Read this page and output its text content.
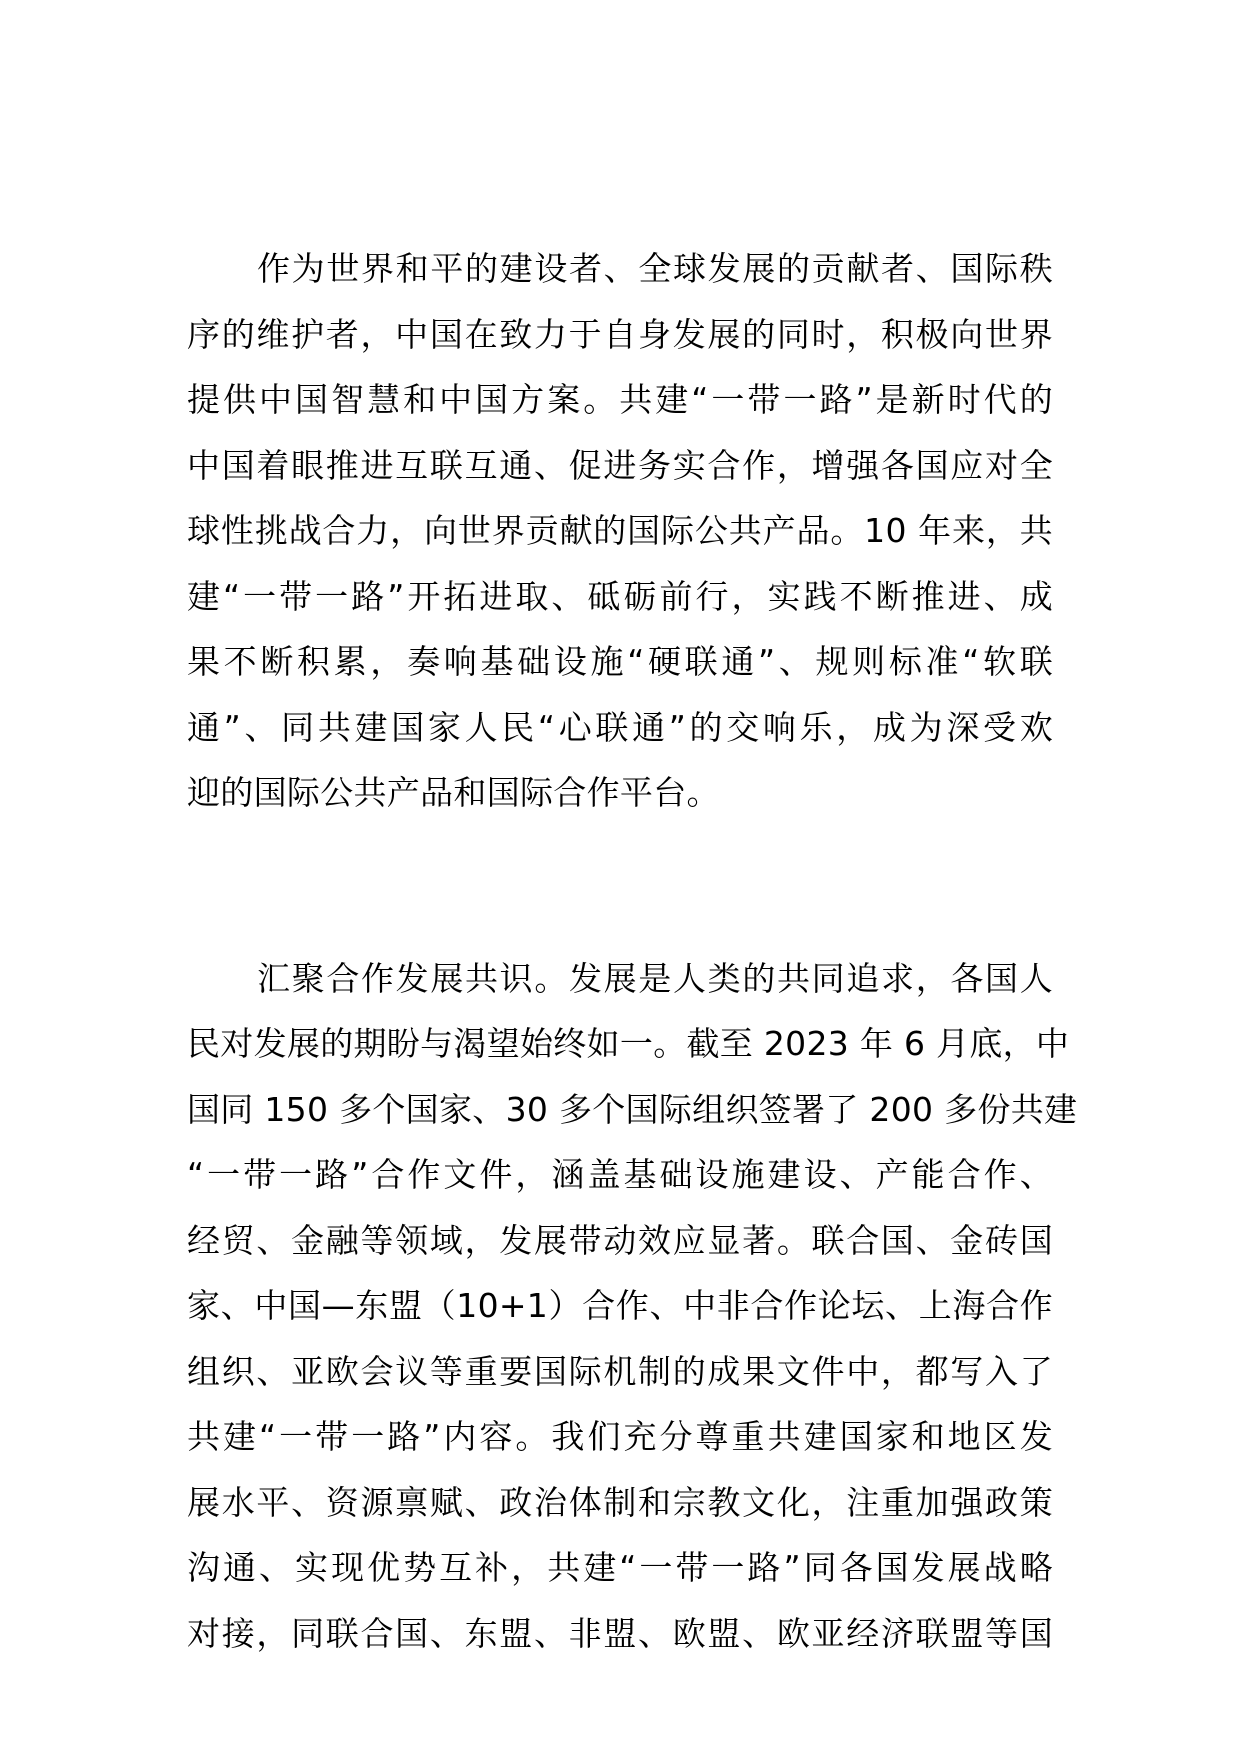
作为世界和平的建设者、全球发展的贡献者、国际秩
序的维护者，中国在致力于自身发展的同时，积极向世界
提供中国智慧和中国方案。共建“一带一路”是新时代的
中国着眼推进互联互通、促进务实合作，增强各国应对全
球性挑战合力，向世界贡献的国际公共产品。10 年来，共
建“一带一路”开拓进取、砥砺前行，实践不断推进、成
果不断积累，奏响基础设施“硬联通”、规则标准“软联
通”、同共建国家人民“心联通”的交响乐，成为深受欢
迎的国际公共产品和国际合作平台。
汇聚合作发展共识。发展是人类的共同追求，各国人
民对发展的期盼与渴望始终如一。截至 2023 年 6 月底，中
国同 150 多个国家、30 多个国际组织签署了 200 多份共建
“一带一路”合作文件，涵盖基础设施建设、产能合作、
经贸、金融等领域，发展带动效应显著。联合国、金砖国
家、中国—东盟（10+1）合作、中非合作论坛、上海合作
组织、亚欧会议等重要国际机制的成果文件中，都写入了
共建“一带一路”内容。我们充分尊重共建国家和地区发
展水平、资源禀赋、政治体制和宗教文化，注重加强政策
沟通、实现优势互补，共建“一带一路”同各国发展战略
对接，同联合国、东盟、非盟、欧盟、欧亚经济联盟等国
